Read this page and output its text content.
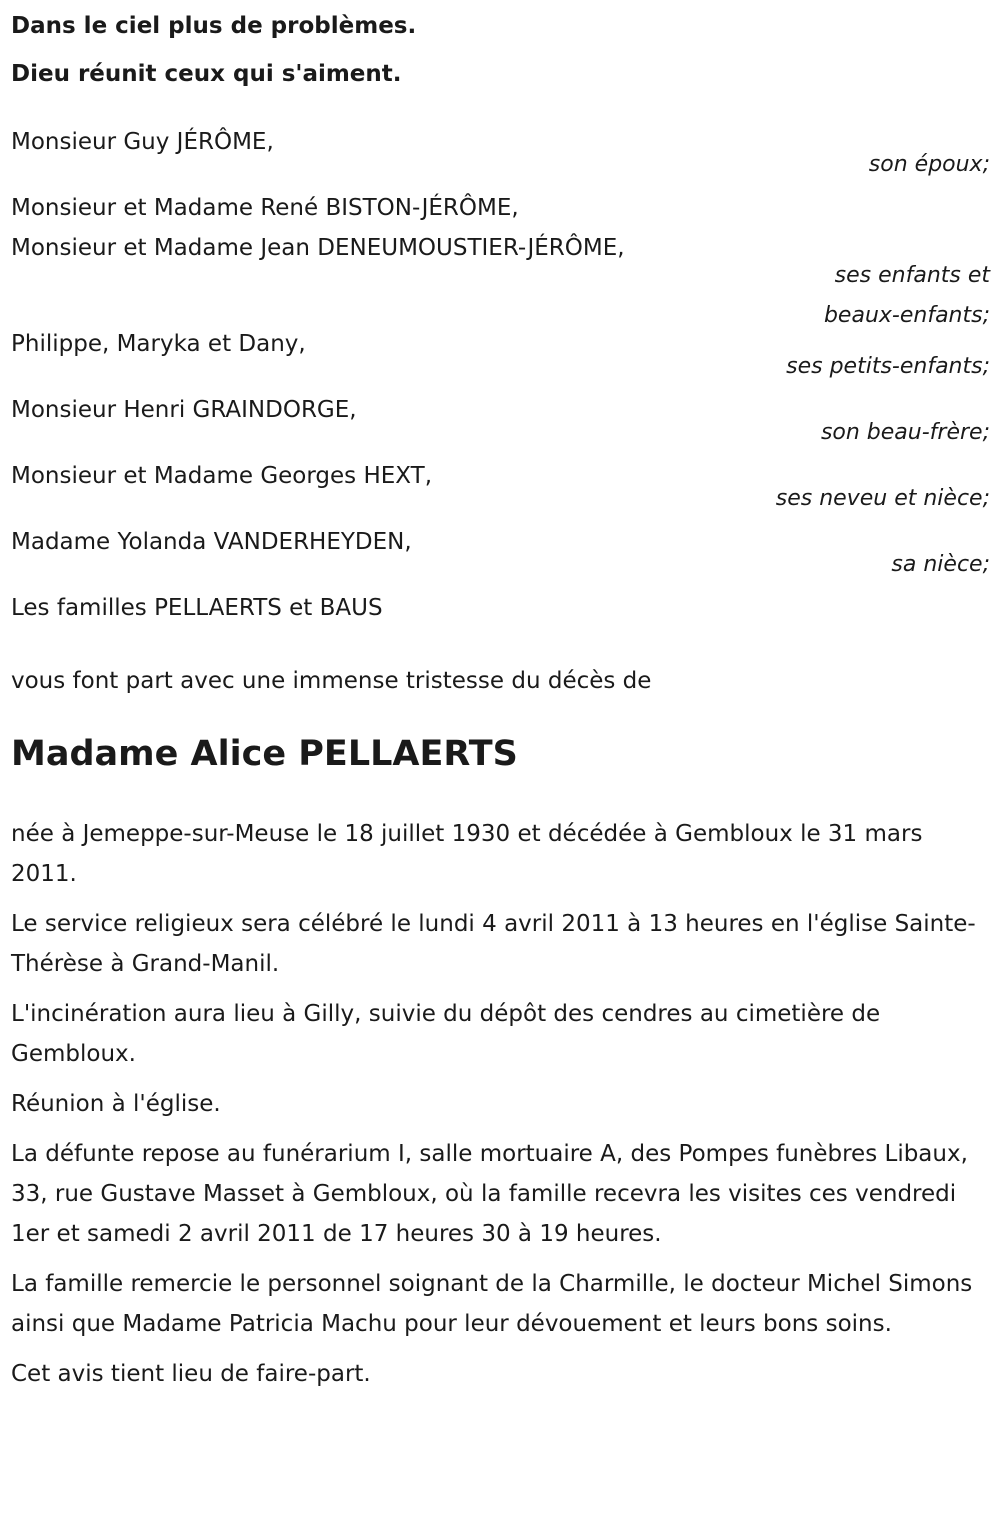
Dans le ciel plus de problèmes.

Dieu réunit ceux qui s'aiment.

Monsieur Guy JÉRÔME,

son époux;

Monsieur et Madame René BISTON-JÉRÔME,

Monsieur et Madame Jean DENEUMOUSTIER-JÉRÔME,

ses enfants et

beaux-enfants;

Philippe, Maryka et Dany,

ses petits-enfants;

Monsieur Henri GRAINDORGE,

son beau-frère;

Monsieur et Madame Georges HEXT,

ses neveu et nièce;

Madame Yolanda VANDERHEYDEN,

sa nièce;

Les familles PELLAERTS et BAUS

vous font part avec une immense tristesse du décès de

Madame Alice PELLAERTS

née à Jemeppe-sur-Meuse le 18 juillet 1930 et décédée à Gembloux le 31 mars 2011.

Le service religieux sera célébré le lundi 4 avril 2011 à 13 heures en l'église Sainte-Thérèse à Grand-Manil.

L'incinération aura lieu à Gilly, suivie du dépôt des cendres au cimetière de Gembloux.

Réunion à l'église.

La défunte repose au funérarium I, salle mortuaire A, des Pompes funèbres Libaux, 33, rue Gustave Masset à Gembloux, où la famille recevra les visites ces vendredi 1er et samedi 2 avril 2011 de 17 heures 30 à 19 heures.

La famille remercie le personnel soignant de la Charmille, le docteur Michel Simons ainsi que Madame Patricia Machu pour leur dévouement et leurs bons soins.

Cet avis tient lieu de faire-part.
